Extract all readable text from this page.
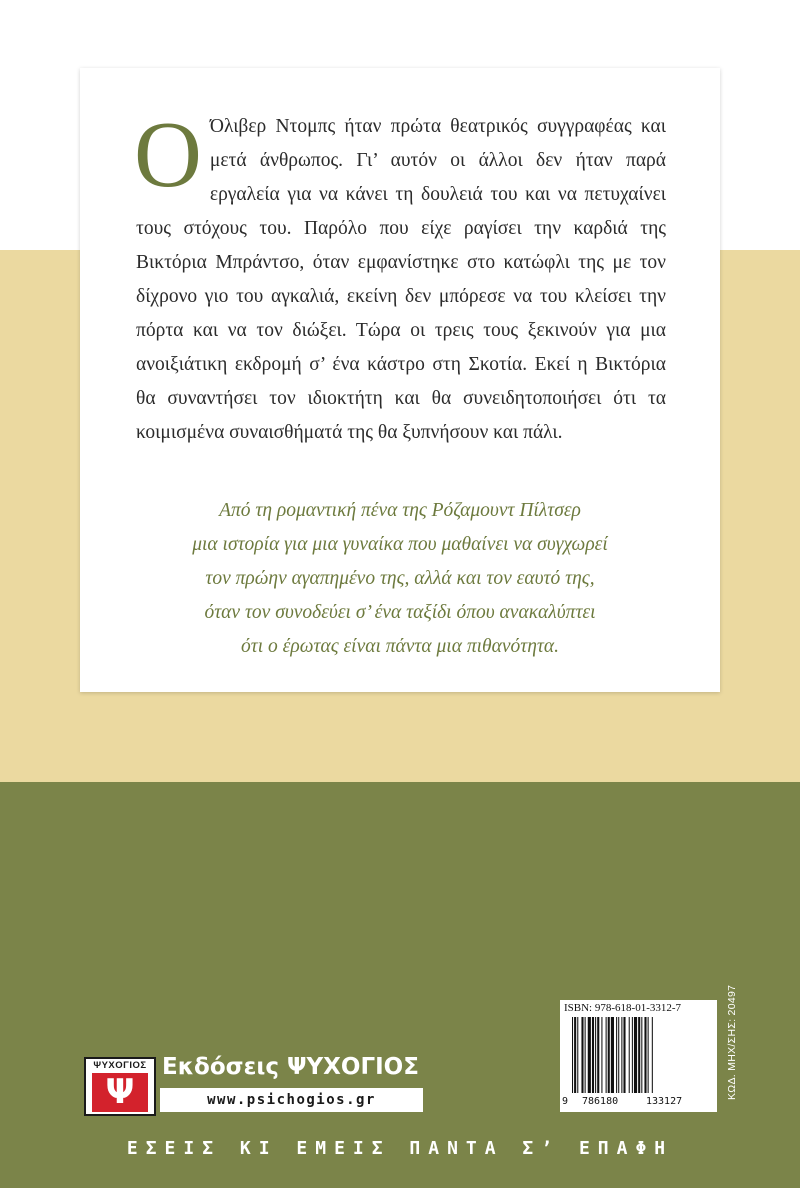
Ο Όλιβερ Ντομπς ήταν πρώτα θεατρικός συγγραφέας και μετά άνθρωπος. Γι’ αυτόν οι άλλοι δεν ήταν παρά εργαλεία για να κάνει τη δουλειά του και να πετυχαίνει τους στόχους του. Παρόλο που είχε ραγίσει την καρδιά της Βικτόρια Μπράντσο, όταν εμφανίστηκε στο κατώφλι της με τον δίχρονο γιο του αγκαλιά, εκείνη δεν μπόρεσε να του κλείσει την πόρτα και να τον διώξει. Τώρα οι τρεις τους ξεκινούν για μια ανοιξιάτικη εκδρομή σ’ ένα κάστρο στη Σκοτία. Εκεί η Βικτόρια θα συναντήσει τον ιδιοκτήτη και θα συνειδητοποιήσει ότι τα κοιμισμένα συναισθήματά της θα ξυπνήσουν και πάλι.

Από τη ρομαντική πένα της Ρόζαμουντ Πίλτσερ
μια ιστορία για μια γυναίκα που μαθαίνει να συγχωρεί
τον πρώην αγαπημένο της, αλλά και τον εαυτό της,
όταν τον συνοδεύει σ’ ένα ταξίδι όπου ανακαλύπτει
ότι ο έρωτας είναι πάντα μια πιθανότητα.

ΨΥΧΟΓΙΟΣ
Ψ
Εκδόσεις ΨΥΧΟΓΙΟΣ
www.psichogios.gr
ISBN: 978-618-01-3312-7
9 786180	133127
ΚΩΔ. ΜΗΧ/ΣΗΣ: 20497
ΕΣΕΙΣ ΚΙ ΕΜΕΙΣ ΠΑΝΤΑ Σ’ ΕΠΑΦΗ
